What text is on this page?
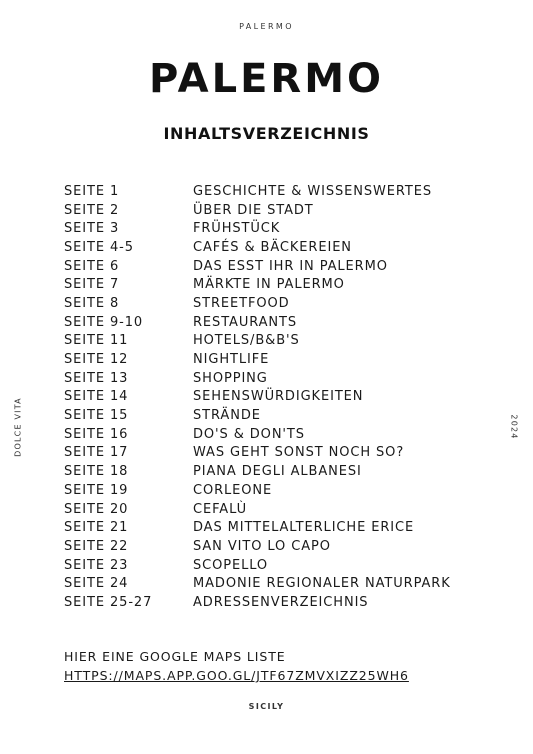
PALERMO
PALERMO
INHALTSVERZEICHNIS
SEITE 1	GESCHICHTE & WISSENSWERTES
SEITE 2	ÜBER DIE STADT
SEITE 3	FRÜHSTÜCK
SEITE 4-5	CAFÉS & BÄCKEREIEN
SEITE 6	DAS ESST IHR IN PALERMO
SEITE 7	MÄRKTE IN PALERMO
SEITE 8	STREETFOOD
SEITE 9-10	RESTAURANTS
SEITE 11	HOTELS/B&B'S
SEITE 12	NIGHTLIFE
SEITE 13	SHOPPING
SEITE 14	SEHENSWÜRDIGKEITEN
SEITE 15	STRÄNDE
SEITE 16	DO'S & DON'TS
SEITE 17	WAS GEHT SONST NOCH SO?
SEITE 18	PIANA DEGLI ALBANESI
SEITE 19	CORLEONE
SEITE 20	CEFALÙ
SEITE 21	DAS MITTELALTERLICHE ERICE
SEITE 22	SAN VITO LO CAPO
SEITE 23	SCOPELLO
SEITE 24	MADONIE REGIONALER NATURPARK
SEITE 25-27	ADRESSENVERZEICHNIS
DOLCE VITA	2024
HIER EINE GOOGLE MAPS LISTE
HTTPS://MAPS.APP.GOO.GL/JTF67ZMVXIZZ25WH6
SICILY
